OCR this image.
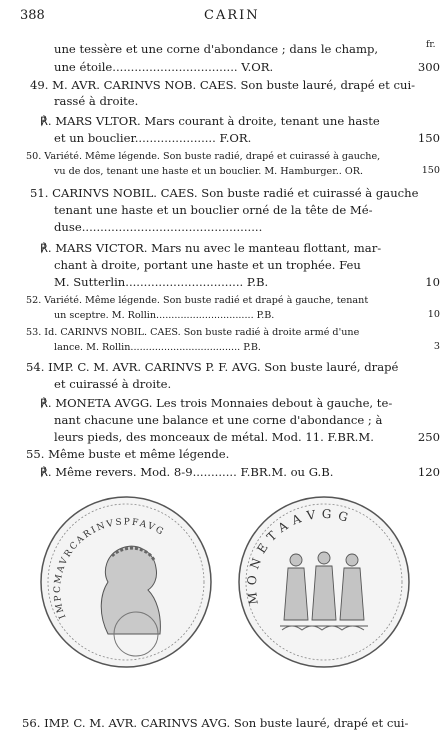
388	CARIN
fr.
une tessère et une corne d'abondance ; dans le champ,
une étoile.................................. V.OR.
49. M. AVR. CARINVS NOB. CAES. Son buste lauré, drapé et cui-
rassé à droite.
℟. MARS VLTOR. Mars courant à droite, tenant une haste
et un bouclier...................... F.OR.
50. Variété. Même légende. Son buste radié, drapé et cuirassé à gauche,
vu de dos, tenant une haste et un bouclier. M. Hamburger.. OR.
51. CARINVS NOBIL. CAES. Son buste radié et cuirassé à gauche
tenant une haste et un bouclier orné de la tête de Mé-
duse.................................................
℟. MARS VICTOR. Mars nu avec le manteau flottant, mar-
chant à droite, portant une haste et un trophée. Feu
M. Sutterlin................................ P.B.
52. Variété. Même légende. Son buste radié et drapé à gauche, tenant
un sceptre. M. Rollin................................ P.B.
53. Id. CARINVS NOBIL. CAES. Son buste radié à droite armé d'une
lance. M. Rollin.................................... P.B.
54. IMP. C. M. AVR. CARINVS P. F. AVG. Son buste lauré, drapé
et cuirassé à droite.
℟. MONETA AVGG. Les trois Monnaies debout à gauche, te-
nant chacune une balance et une corne d'abondance ; à
leurs pieds, des monceaux de métal. Mod. 11. F.BR.M.
55. Même buste et même légende.
℟. Même revers. Mod. 8-9............ F.BR.M. ou G.B.
56. IMP. C. M. AVR. CARINVS AVG. Son buste lauré, drapé et cui-
300
150
150
10
10
3
250
120
IMPCMAVRCARINVSPFAVG
MONETAAVGG
